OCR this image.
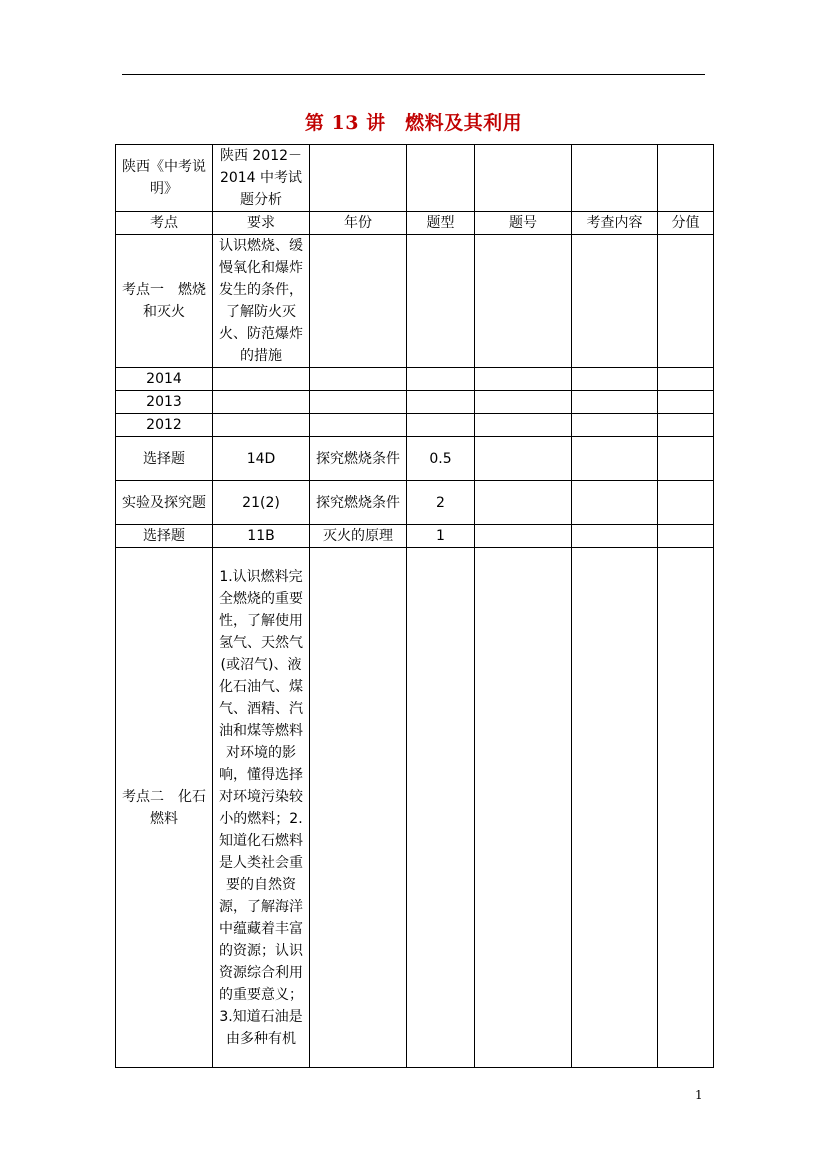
第 13 讲　燃料及其利用
陕西《中考说明》	陕西 2012－2014 中考试题分析					
考点	要求	年份	题型	题号	考查内容	分值
考点一　燃烧和灭火	认识燃烧、缓慢氧化和爆炸发生的条件，了解防火灭火、防范爆炸的措施					
2014						
2013						
2012						
选择题	14D	探究燃烧条件	0.5			
实验及探究题	21(2)	探究燃烧条件	2			
选择题	11B	灭火的原理	1			
考点二　化石燃料	1.认识燃料完全燃烧的重要性，了解使用氢气、天然气(或沼气)、液化石油气、煤气、酒精、汽油和煤等燃料对环境的影响，懂得选择对环境污染较小的燃料；2.知道化石燃料是人类社会重要的自然资源，了解海洋中蕴藏着丰富的资源；认识资源综合利用的重要意义；3.知道石油是由多种有机					
1
